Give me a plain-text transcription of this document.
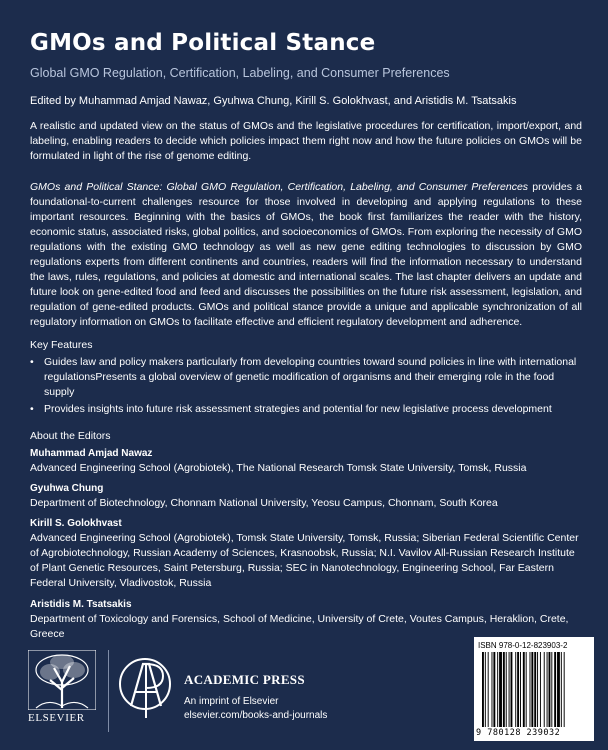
GMOs and Political Stance
Global GMO Regulation, Certification, Labeling, and Consumer Preferences
Edited by Muhammad Amjad Nawaz, Gyuhwa Chung, Kirill S. Golokhvast, and Aristidis M. Tsatsakis
A realistic and updated view on the status of GMOs and the legislative procedures for certification, import/export, and labeling, enabling readers to decide which policies impact them right now and how the future policies on GMOs will be formulated in light of the rise of genome editing.
GMOs and Political Stance: Global GMO Regulation, Certification, Labeling, and Consumer Preferences provides a foundational-to-current challenges resource for those involved in developing and applying regulations to these important resources. Beginning with the basics of GMOs, the book first familiarizes the reader with the history, economic status, associated risks, global politics, and socioeconomics of GMOs. From exploring the necessity of GMO regulations with the existing GMO technology as well as new gene editing technologies to discussion by GMO regulations experts from different continents and countries, readers will find the information necessary to understand the laws, rules, regulations, and policies at domestic and international scales. The last chapter delivers an update and future look on gene-edited food and feed and discusses the possibilities on the future risk assessment, legislation, and regulation of gene-edited products. GMOs and political stance provide a unique and applicable synchronization of all regulatory information on GMOs to facilitate effective and efficient regulatory development and adherence.
Key Features
• Guides law and policy makers particularly from developing countries toward sound policies in line with international regulationsPresents a global overview of genetic modification of organisms and their emerging role in the food supply
• Provides insights into future risk assessment strategies and potential for new legislative process development
About the Editors
Muhammad Amjad Nawaz
Advanced Engineering School (Agrobiotek), The National Research Tomsk State University, Tomsk, Russia
Gyuhwa Chung
Department of Biotechnology, Chonnam National University, Yeosu Campus, Chonnam, South Korea
Kirill S. Golokhvast
Advanced Engineering School (Agrobiotek), Tomsk State University, Tomsk, Russia; Siberian Federal Scientific Center of Agrobiotechnology, Russian Academy of Sciences, Krasnoobsk, Russia; N.I. Vavilov All-Russian Research Institute of Plant Genetic Resources, Saint Petersburg, Russia; SEC in Nanotechnology, Engineering School, Far Eastern Federal University, Vladivostok, Russia
Aristidis M. Tsatsakis
Department of Toxicology and Forensics, School of Medicine, University of Crete, Voutes Campus, Heraklion, Crete, Greece
ELSEVIER
ACADEMIC PRESS
An imprint of Elsevier
elsevier.com/books-and-journals
ISBN 978-0-12-823903-2
9 780128 239032
